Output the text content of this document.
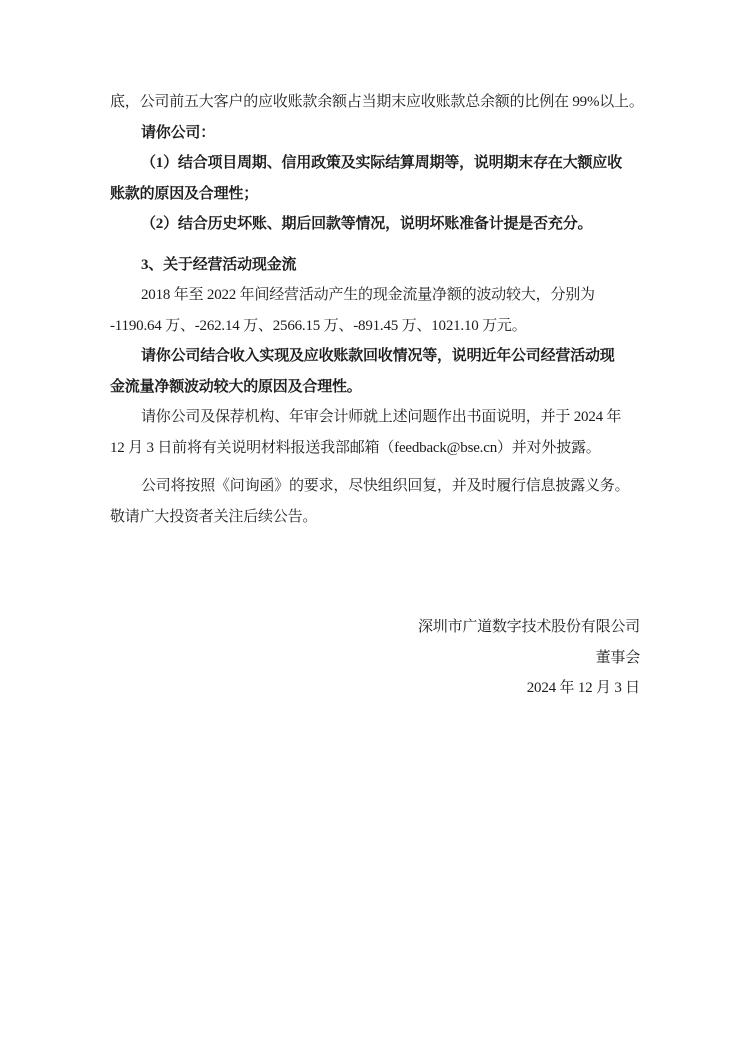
底，公司前五大客户的应收账款余额占当期末应收账款总余额的比例在 99%以上。
请你公司：
（1）结合项目周期、信用政策及实际结算周期等，说明期末存在大额应收
账款的原因及合理性；
（2）结合历史坏账、期后回款等情况，说明坏账准备计提是否充分。
3、关于经营活动现金流
2018 年至 2022 年间经营活动产生的现金流量净额的波动较大，分别为
-1190.64 万、-262.14 万、2566.15 万、-891.45 万、1021.10 万元。
请你公司结合收入实现及应收账款回收情况等，说明近年公司经营活动现
金流量净额波动较大的原因及合理性。
请你公司及保荐机构、年审会计师就上述问题作出书面说明，并于 2024 年
12 月 3 日前将有关说明材料报送我部邮箱（feedback@bse.cn）并对外披露。
公司将按照《问询函》的要求，尽快组织回复，并及时履行信息披露义务。
敬请广大投资者关注后续公告。
深圳市广道数字技术股份有限公司
董事会
2024 年 12 月 3 日
